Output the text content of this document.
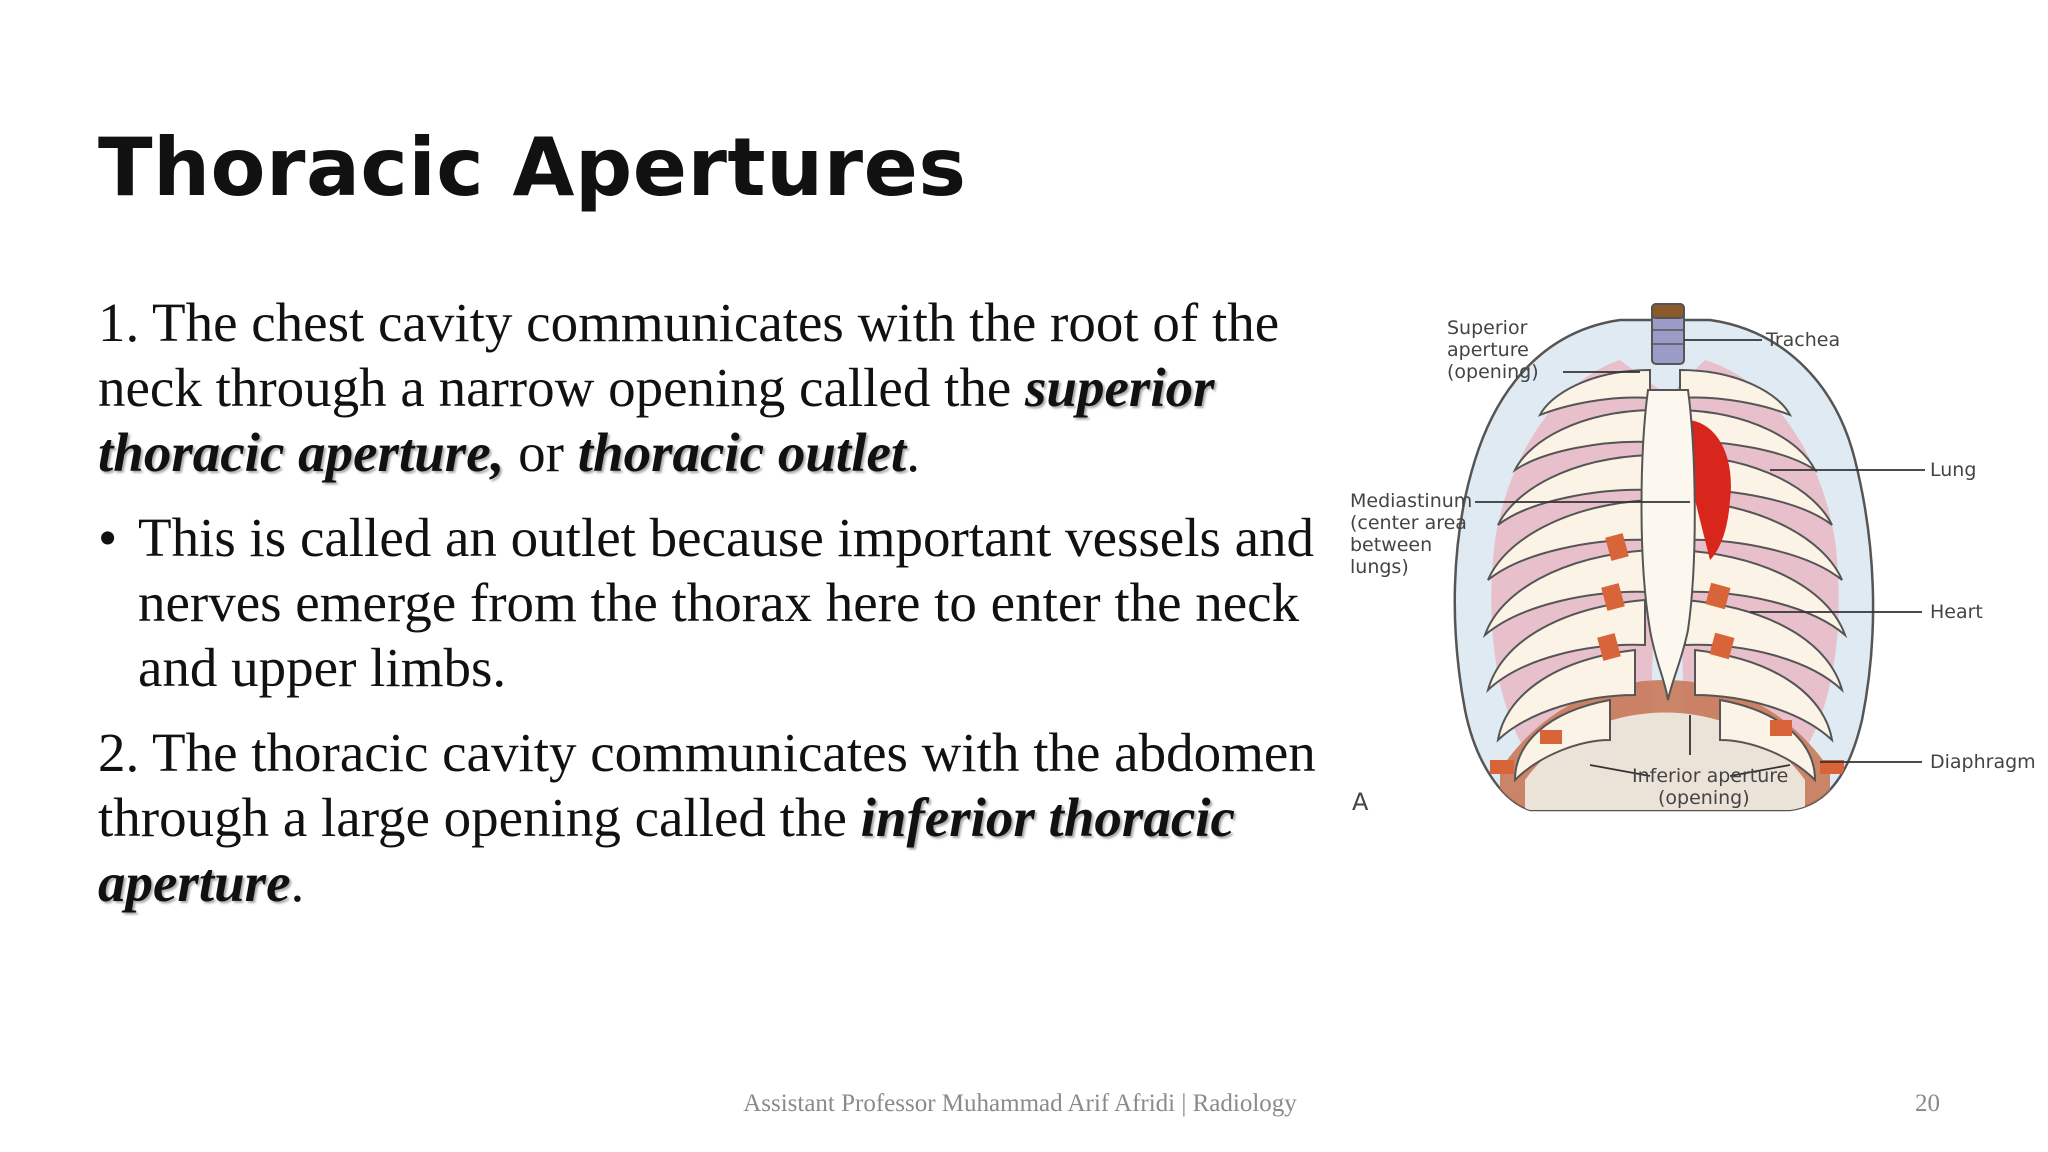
Thoracic Apertures

1. The chest cavity communicates with the root of the neck through a narrow opening called the superior thoracic aperture, or thoracic outlet.

• This is called an outlet because important vessels and nerves emerge from the thorax here to enter the neck and upper limbs.

2. The thoracic cavity communicates with the abdomen through a large opening called the inferior thoracic aperture.

Superior
aperture
(opening)
Trachea
Lung
Mediastinum
(center area
between
lungs)
Heart
Diaphragm
Inferior aperture
(opening)
A
Assistant Professor Muhammad Arif Afridi | Radiology	20
